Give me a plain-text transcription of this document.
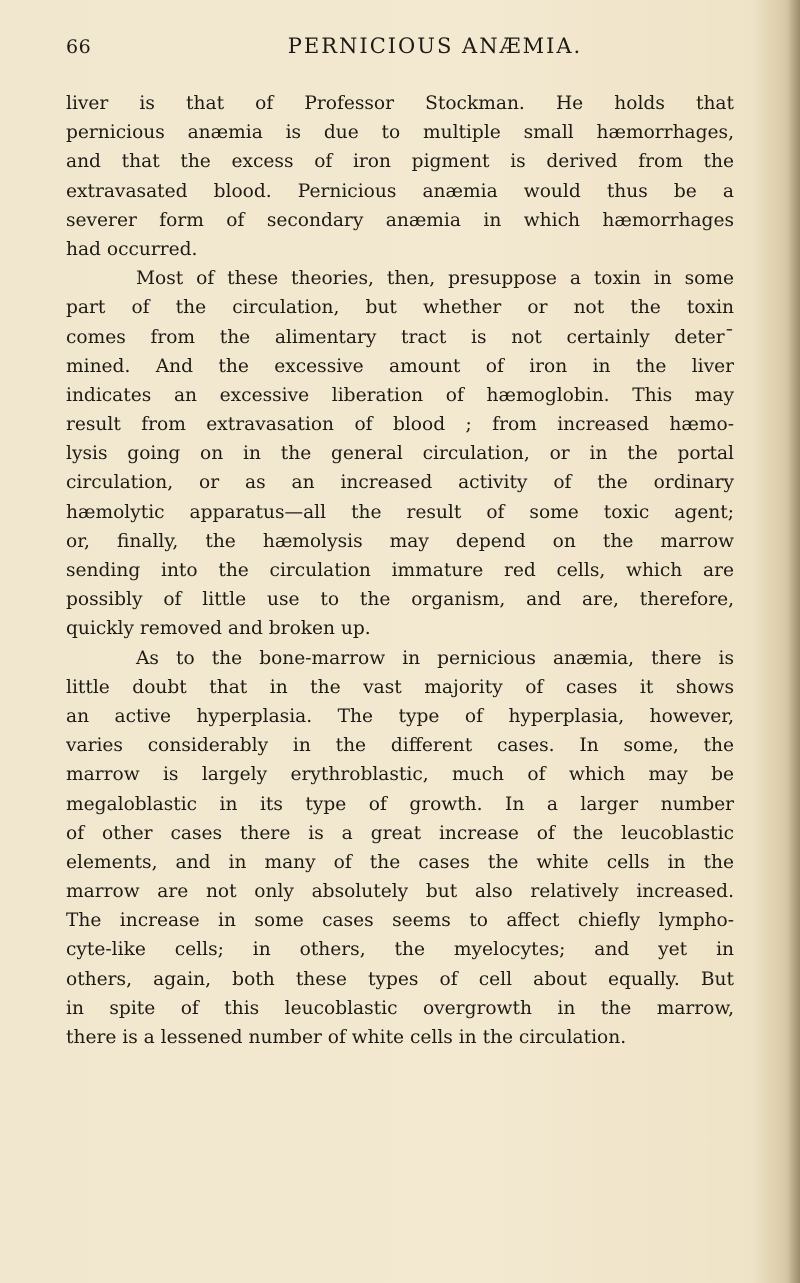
66	PERNICIOUS ANÆMIA.
liver is that of Professor Stockman. He holds that
pernicious anæmia is due to multiple small hæmorrhages,
and that the excess of iron pigment is derived from the
extravasated blood. Pernicious anæmia would thus be a
severer form of secondary anæmia in which hæmorrhages
had occurred.
Most of these theories, then, presuppose a toxin in some
part of the circulation, but whether or not the toxin
comes from the alimentary tract is not certainly deter¯
mined. And the excessive amount of iron in the liver
indicates an excessive liberation of hæmoglobin. This may
result from extravasation of blood ; from increased hæmo-
lysis going on in the general circulation, or in the portal
circulation, or as an increased activity of the ordinary
hæmolytic apparatus—all the result of some toxic agent;
or, finally, the hæmolysis may depend on the marrow
sending into the circulation immature red cells, which are
possibly of little use to the organism, and are, therefore,
quickly removed and broken up.
As to the bone-marrow in pernicious anæmia, there is
little doubt that in the vast majority of cases it shows
an active hyperplasia. The type of hyperplasia, however,
varies considerably in the different cases. In some, the
marrow is largely erythroblastic, much of which may be
megaloblastic in its type of growth. In a larger number
of other cases there is a great increase of the leucoblastic
elements, and in many of the cases the white cells in the
marrow are not only absolutely but also relatively increased.
The increase in some cases seems to affect chiefly lympho-
cyte-like cells; in others, the myelocytes; and yet in
others, again, both these types of cell about equally. But
in spite of this leucoblastic overgrowth in the marrow,
there is a lessened number of white cells in the circulation.
